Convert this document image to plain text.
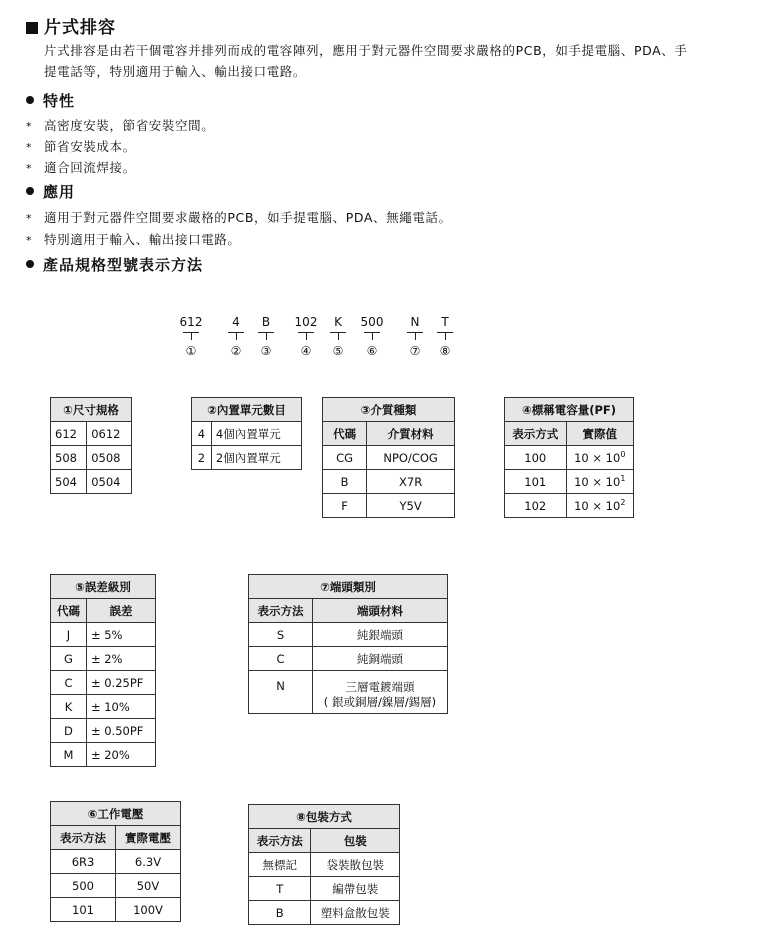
片式排容
片式排容是由若干個電容并排列而成的電容陣列，應用于對元器件空間要求嚴格的PCB，如手提電腦、PDA、手
提電話等，特別適用于輸入、輸出接口電路。
特性
* 高密度安裝，節省安裝空間。
* 節省安裝成本。
* 適合回流焊接。
應用
* 適用于對元器件空間要求嚴格的PCB，如手提電腦、PDA、無繩電話。
* 特別適用于輸入、輸出接口電路。
產品規格型號表示方法
612	4	B	102	K	500 N	T
①	② ③ ④ ⑤ ⑥	⑦ ⑧
①尺寸規格	
612	0612
508	0508
504	0504
②內置單元數目	
4	4個內置單元
2	2個內置單元
③介質種類	
代碼	介質材料
CG	NPO/COG
B	X7R
F	Y5V
④標稱電容量(PF)	
表示方式	實際值
100	$10 \times 10^0$
101	$10 \times 10^1$
102	$10 \times 10^2$
⑤誤差級別	
代碼	誤差
J	± 5%
G	± 2%
C	± 0.25PF
K	± 10%
D	± 0.50PF
M	± 20%
⑦端頭類別	
表示方法	端頭材料
S	純銀端頭
C	純銅端頭
N	三層電鍍端頭
( 銀或銅層/鎳層/錫層)
⑥工作電壓	
表示方法	實際電壓
6R3	6.3V
500	50V
101	100V
⑧包裝方式	
表示方法	包裝
無標記	袋裝散包裝
T	編帶包裝
B	塑料盒散包裝
